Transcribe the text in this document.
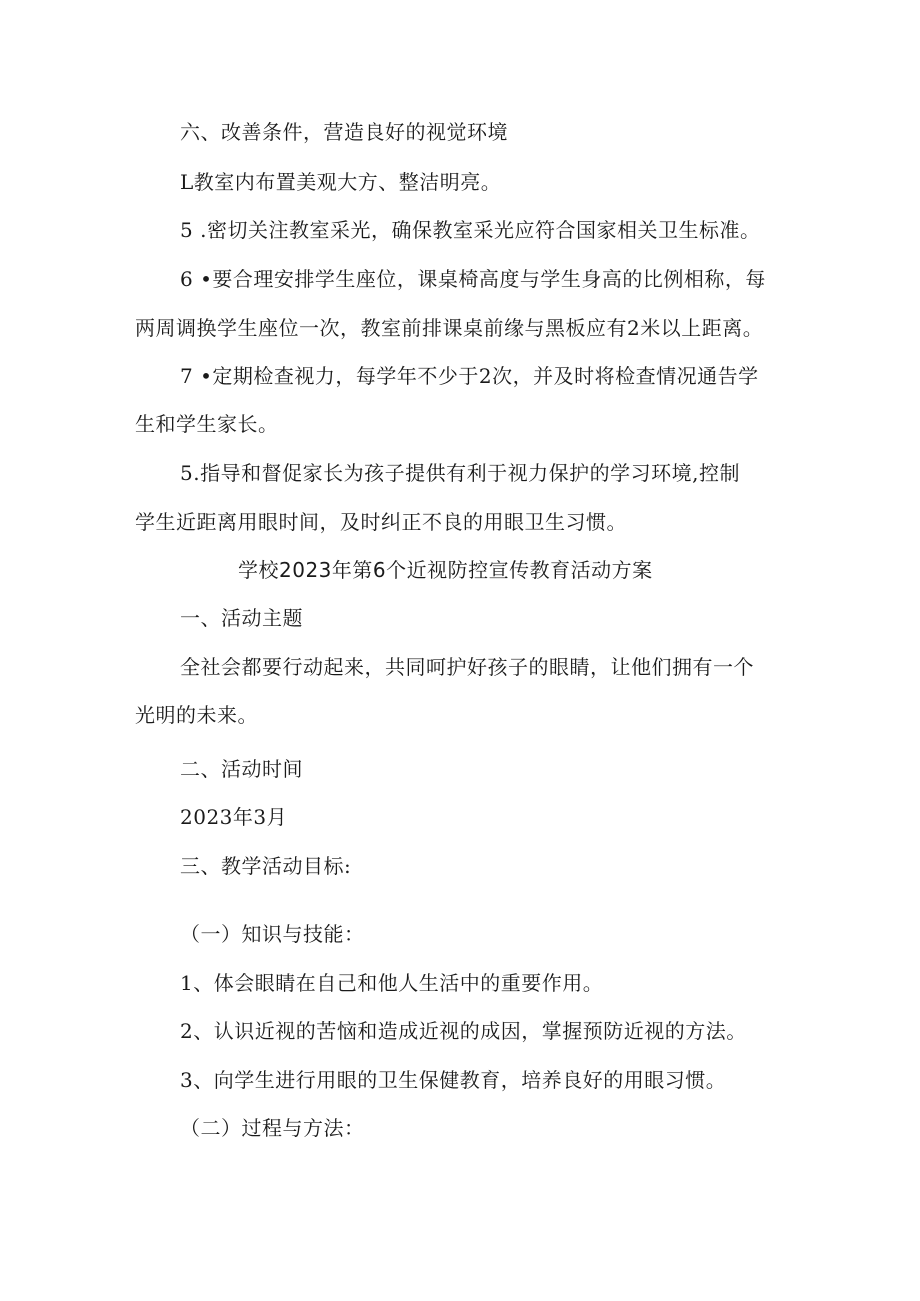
六、改善条件，营造良好的视觉环境
L教室内布置美观大方、整洁明亮。
5 .密切关注教室采光，确保教室采光应符合国家相关卫生标准。
6 •要合理安排学生座位，课桌椅高度与学生身高的比例相称，每
两周调换学生座位一次，教室前排课桌前缘与黑板应有2米以上距离。
7 •定期检查视力，每学年不少于2次，并及时将检查情况通告学
生和学生家长。
5.指导和督促家长为孩子提供有利于视力保护的学习环境,控制
学生近距离用眼时间，及时纠正不良的用眼卫生习惯。
学校2023年第6个近视防控宣传教育活动方案
一、活动主题
全社会都要行动起来，共同呵护好孩子的眼睛，让他们拥有一个
光明的未来。
二、活动时间
2023年3月
三、教学活动目标:
（一）知识与技能：
1、体会眼睛在自己和他人生活中的重要作用。
2、认识近视的苦恼和造成近视的成因，掌握预防近视的方法。
3、向学生进行用眼的卫生保健教育，培养良好的用眼习惯。
（二）过程与方法：
